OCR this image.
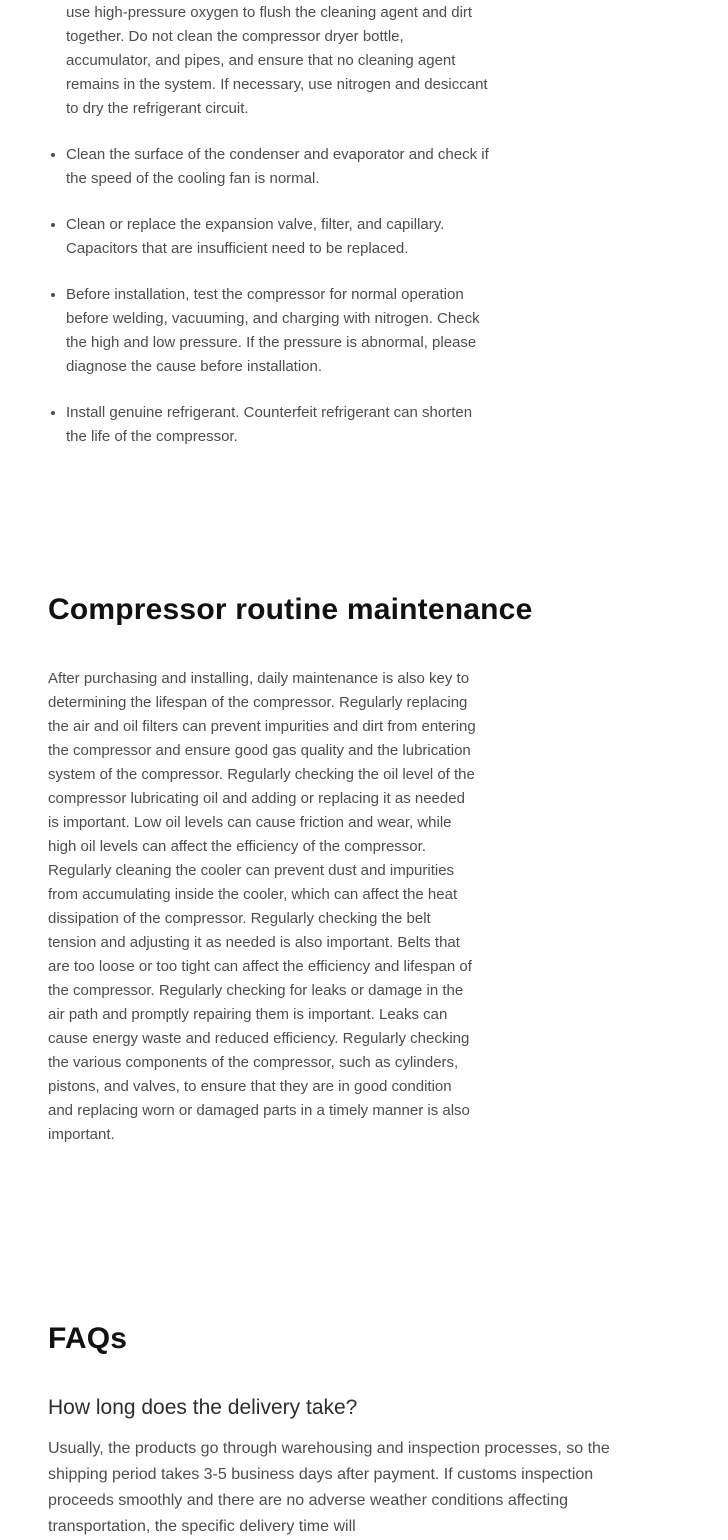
use high-pressure oxygen to flush the cleaning agent and dirt together. Do not clean the compressor dryer bottle, accumulator, and pipes, and ensure that no cleaning agent remains in the system. If necessary, use nitrogen and desiccant to dry the refrigerant circuit.
• Clean the surface of the condenser and evaporator and check if the speed of the cooling fan is normal.
• Clean or replace the expansion valve, filter, and capillary. Capacitors that are insufficient need to be replaced.
• Before installation, test the compressor for normal operation before welding, vacuuming, and charging with nitrogen. Check the high and low pressure. If the pressure is abnormal, please diagnose the cause before installation.
• Install genuine refrigerant. Counterfeit refrigerant can shorten the life of the compressor.
Compressor routine maintenance

After purchasing and installing, daily maintenance is also key to determining the lifespan of the compressor. Regularly replacing the air and oil filters can prevent impurities and dirt from entering the compressor and ensure good gas quality and the lubrication system of the compressor. Regularly checking the oil level of the compressor lubricating oil and adding or replacing it as needed is important. Low oil levels can cause friction and wear, while high oil levels can affect the efficiency of the compressor. Regularly cleaning the cooler can prevent dust and impurities from accumulating inside the cooler, which can affect the heat dissipation of the compressor. Regularly checking the belt tension and adjusting it as needed is also important. Belts that are too loose or too tight can affect the efficiency and lifespan of the compressor. Regularly checking for leaks or damage in the air path and promptly repairing them is important. Leaks can cause energy waste and reduced efficiency. Regularly checking the various components of the compressor, such as cylinders, pistons, and valves, to ensure that they are in good condition and replacing worn or damaged parts in a timely manner is also important.

FAQs
How long does the delivery take?

Usually, the products go through warehousing and inspection processes, so the shipping period takes 3-5 business days after payment. If customs inspection proceeds smoothly and there are no adverse weather conditions affecting transportation, the specific delivery time will
